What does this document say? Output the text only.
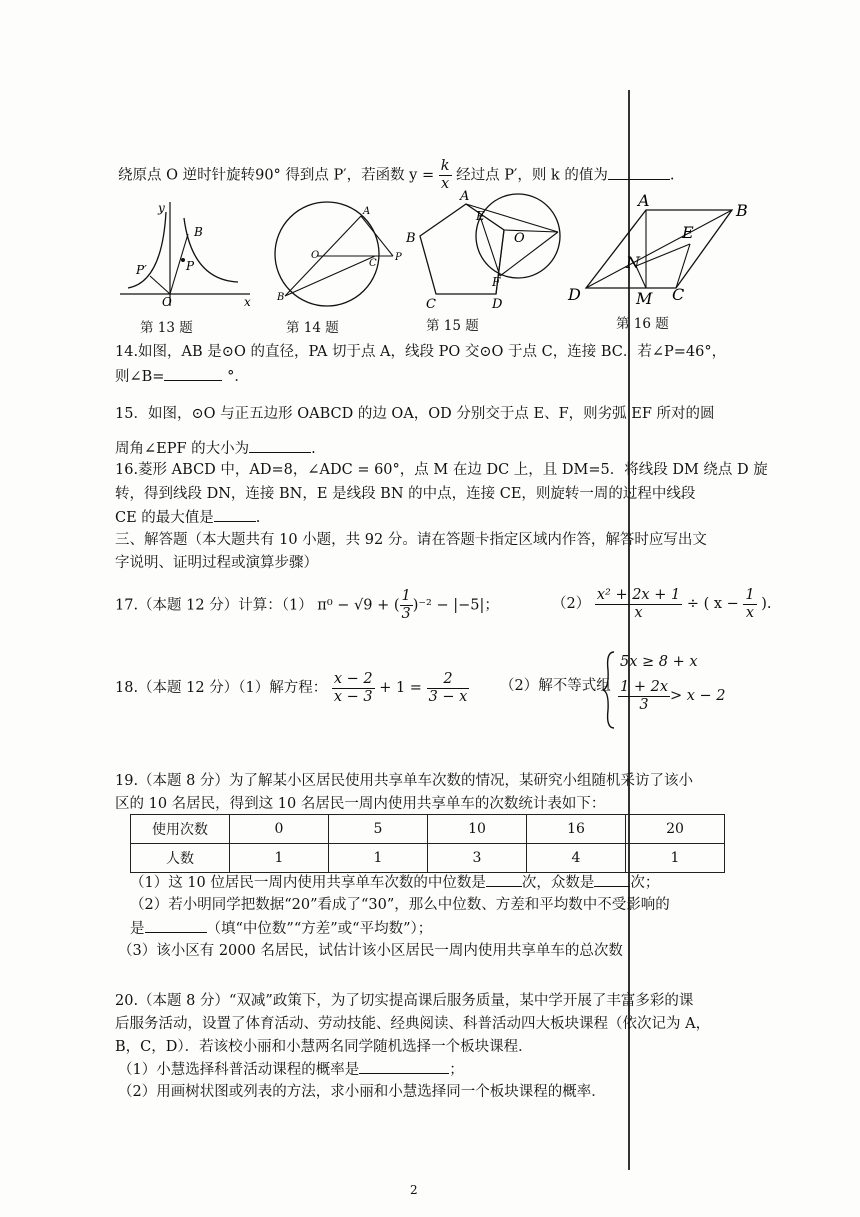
绕原点 O 逆时针旋转90° 得到点 P′，若函数 $y = \frac{k}{x}$ 经过点 P′，则 k 的值为	.
y
B
P′	P
O	x
A
O
C
P
B
A
E
O
F
B
C	D
A
B
E
N
D	M C
第 13 题	第 14 题	第 15 题	第 16 题
14.如图，AB 是⊙O 的直径，PA 切于点 A，线段 PO 交⊙O 于点 C，连接 BC．若∠P=46°，
则∠B=	°．
15．如图，⊙O 与正五边形 OABCD 的边 OA，OD 分别交于点 E、F，则劣弧 EF 所对的圆
周角∠EPF 的大小为	.
16.菱形 ABCD 中，AD=8，∠ADC = 60°，点 M 在边 DC 上，且 DM=5．将线段 DM 绕点 D 旋
转，得到线段 DN，连接 BN，E 是线段 BN 的中点，连接 CE，则旋转一周的过程中线段
CE 的最大值是	.
三、解答题（本大题共有 10 小题，共 92 分。请在答题卡指定区域内作答，解答时应写出文
字说明、证明过程或演算步骤）
17.（本题 12 分）计算：（1） π⁰ − √9 + ( $\frac{1}{3} )^{-2} - |-5|$；	$(2) \frac{\text{x² + 2x + 1}}{x}$ ÷ ( $x - \frac{1}{x}$ ).
18.（本题 12 分）（1）解方程： $\frac{x - 2}{x - 3} + 1 = \frac{2}{3 - x} (2)$解不等式组
5x ≥ 8 + x
$\frac{1 + 2x}{3} > x - 2$
19.（本题 8 分）为了解某小区居民使用共享单车次数的情况，某研究小组随机采访了该小
区的 10 名居民，得到这 10 名居民一周内使用共享单车的次数统计表如下：
使用次数	0	5	10	16	20
人数	1	1	3	4	1
（1）这 10 位居民一周内使用共享单车次数的中位数是 次，众数是 次；
（2）若小明同学把数据“20”看成了“30”，那么中位数、方差和平均数中不受影响的
是	（填“中位数”“方差”或“平均数”）；
（3）该小区有 2000 名居民，试估计该小区居民一周内使用共享单车的总次数
20.（本题 8 分）“双减”政策下，为了切实提高课后服务质量，某中学开展了丰富多彩的课
后服务活动，设置了体育活动、劳动技能、经典阅读、科普活动四大板块课程（依次记为 A，
B，C，D）．若该校小丽和小慧两名同学随机选择一个板块课程．
（1）小慧选择科普活动课程的概率是	；
（2）用画树状图或列表的方法，求小丽和小慧选择同一个板块课程的概率．
2
